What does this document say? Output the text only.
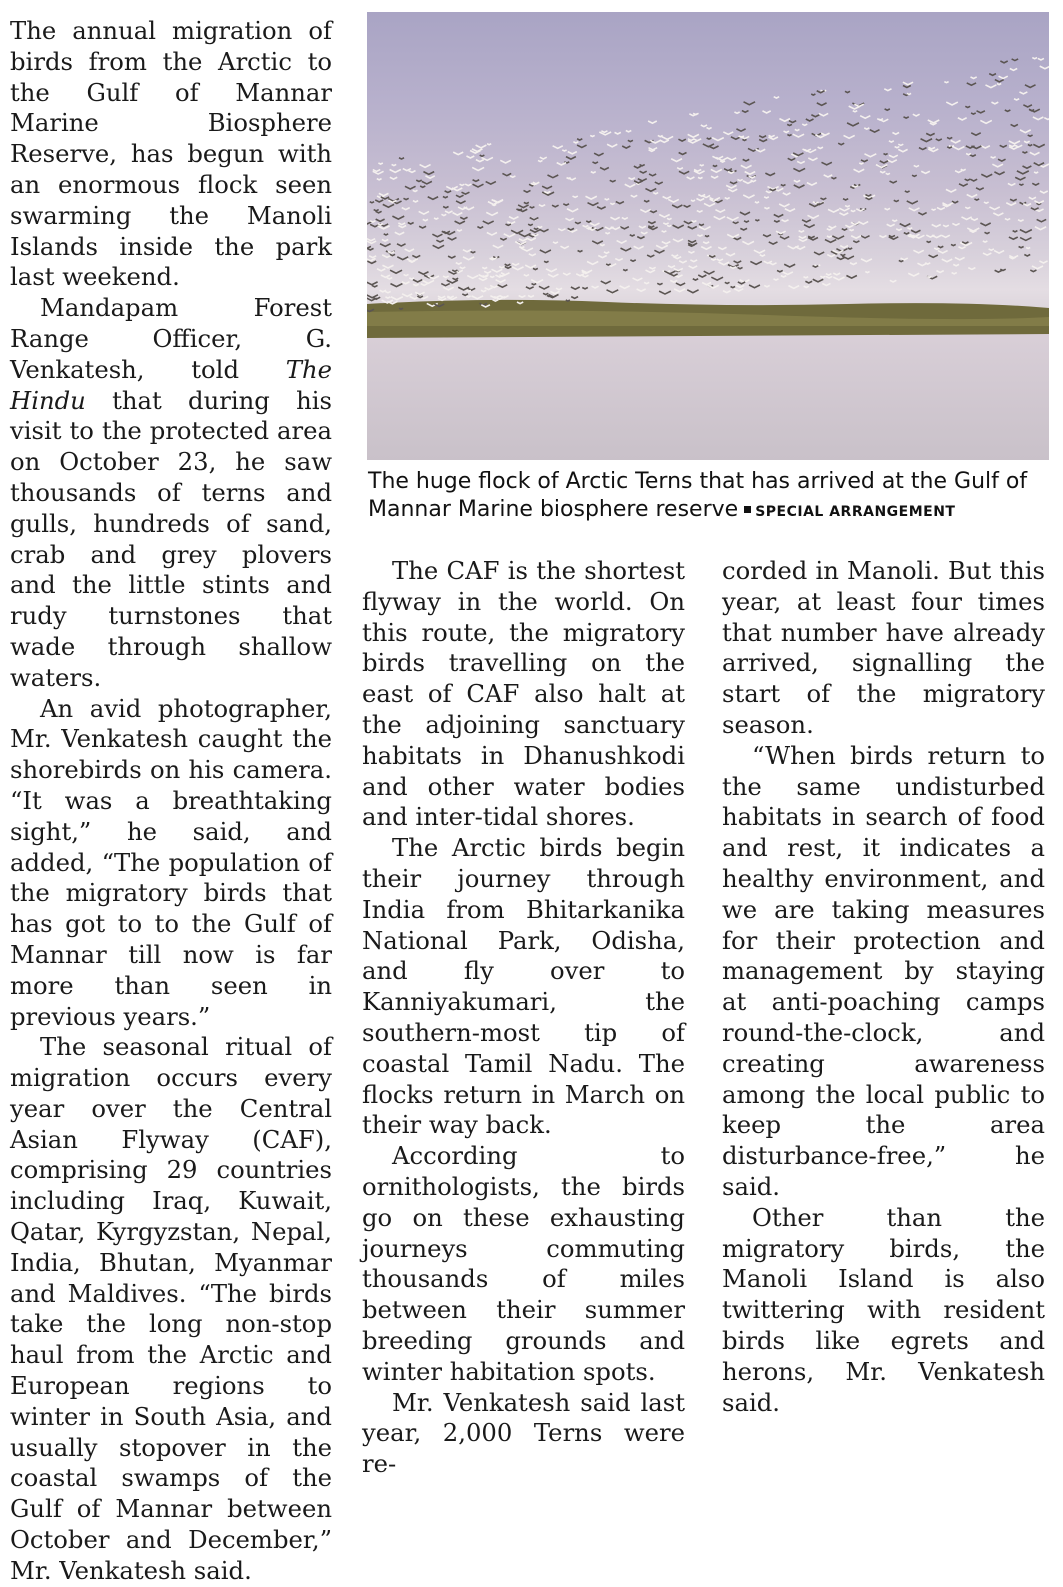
The annual migration of birds from the Arctic to the Gulf of Mannar Marine Biosphere Reserve, has begun with an enormous flock seen swarming the Manoli Islands inside the park last weekend.

Mandapam Forest Range Officer, G. Venkatesh, told The Hindu that during his visit to the protected area on October 23, he saw thousands of terns and gulls, hundreds of sand, crab and grey plovers and the little stints and rudy turnstones that wade through shallow waters.

An avid photographer, Mr. Venkatesh caught the shorebirds on his camera. “It was a breathtaking sight,” he said, and added, “The population of the migratory birds that has got to to the Gulf of Mannar till now is far more than seen in previous years.”

The seasonal ritual of migration occurs every year over the Central Asian Flyway (CAF), comprising 29 countries including Iraq, Kuwait, Qatar, Kyrgyzstan, Nepal, India, Bhutan, Myanmar and Maldives. “The birds take the long non-stop haul from the Arctic and European regions to winter in South Asia, and usually stopover in the coastal swamps of the Gulf of Mannar between October and December,” Mr. Venkatesh said.

The huge flock of Arctic Terns that has arrived at the Gulf of Mannar Marine biosphere reserve SPECIAL ARRANGEMENT

The CAF is the shortest flyway in the world. On this route, the migratory birds travelling on the east of CAF also halt at the adjoining sanctuary habitats in Dhanushkodi and other water bodies and inter-tidal shores.

The Arctic birds begin their journey through India from Bhitarkanika National Park, Odisha, and fly over to Kanniyakumari, the southern-most tip of coastal Tamil Nadu. The flocks return in March on their way back.

According to ornithologists, the birds go on these exhausting journeys commuting thousands of miles between their summer breeding grounds and winter habitation spots.

Mr. Venkatesh said last year, 2,000 Terns were re-

corded in Manoli. But this year, at least four times that number have already arrived, signalling the start of the migratory season.

“When birds return to the same undisturbed habitats in search of food and rest, it indicates a healthy environment, and we are taking measures for their protection and management by staying at anti-poaching camps round-the-clock, and creating awareness among the local public to keep the area disturbance-free,” he said.

Other than the migratory birds, the Manoli Island is also twittering with resident birds like egrets and herons, Mr. Venkatesh said.
